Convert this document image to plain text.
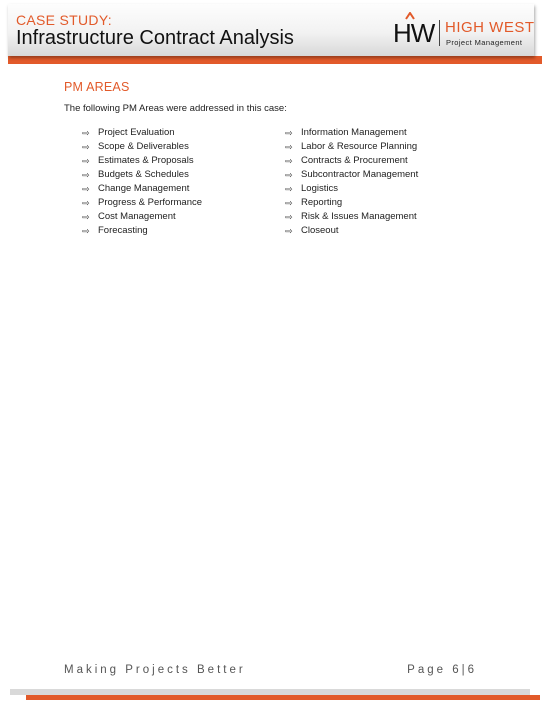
CASE STUDY:
Infrastructure Contract Analysis	HW HIGH WEST
Project Management
PM AREAS
The following PM Areas were addressed in this case:
⇨ Project Evaluation
⇨ Scope & Deliverables
⇨ Estimates & Proposals
⇨ Budgets & Schedules
⇨ Change Management
⇨ Progress & Performance
⇨ Cost Management
⇨ Forecasting
⇨ Information Management
⇨ Labor & Resource Planning
⇨ Contracts & Procurement
⇨ Subcontractor Management
⇨ Logistics
⇨ Reporting
⇨ Risk & Issues Management
⇨ Closeout
Making Projects Better	Page 6|6
